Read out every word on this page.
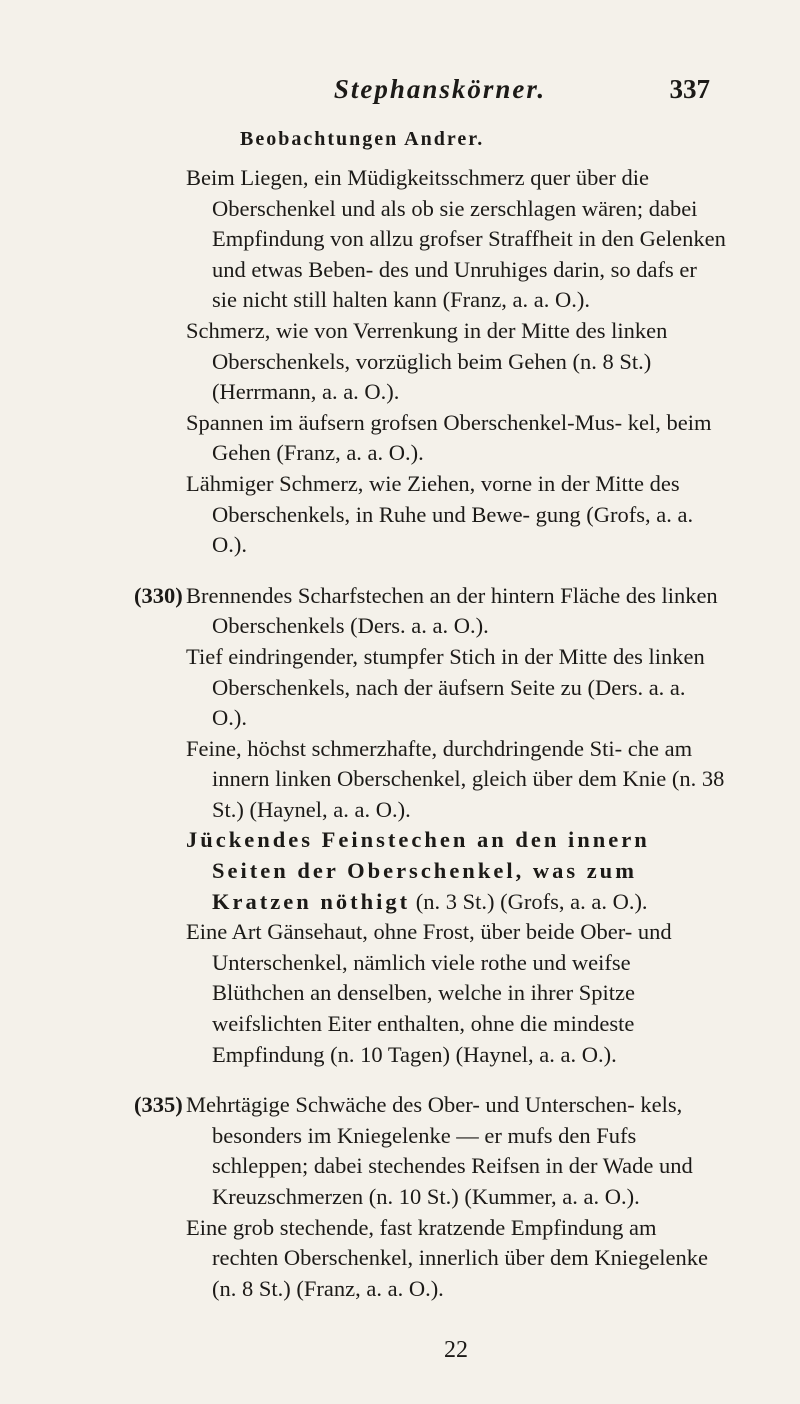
Stephanskörner.	337
Beobachtungen Andrer.

Beim Liegen, ein Müdigkeitsschmerz quer über die Oberschenkel und als ob sie zerschlagen wären; dabei Empfindung von allzu grofser Straffheit in den Gelenken und etwas Beben- des und Unruhiges darin, so dafs er sie nicht still halten kann (Franz, a. a. O.).

Schmerz, wie von Verrenkung in der Mitte des linken Oberschenkels, vorzüglich beim Gehen (n. 8 St.) (Herrmann, a. a. O.).

Spannen im äufsern grofsen Oberschenkel-Mus- kel, beim Gehen (Franz, a. a. O.).

Lähmiger Schmerz, wie Ziehen, vorne in der Mitte des Oberschenkels, in Ruhe und Bewe- gung (Grofs, a. a. O.).

(330) Brennendes Scharfstechen an der hintern Fläche des linken Oberschenkels (Ders. a. a. O.).

Tief eindringender, stumpfer Stich in der Mitte des linken Oberschenkels, nach der äufsern Seite zu (Ders. a. a. O.).

Feine, höchst schmerzhafte, durchdringende Sti- che am innern linken Oberschenkel, gleich über dem Knie (n. 38 St.) (Haynel, a. a. O.).

Jückendes Feinstechen an den innern Seiten der Oberschenkel, was zum Kratzen nöthigt (n. 3 St.) (Grofs, a. a. O.).

Eine Art Gänsehaut, ohne Frost, über beide Ober- und Unterschenkel, nämlich viele rothe und weifse Blüthchen an denselben, welche in ihrer Spitze weifslichten Eiter enthalten, ohne die mindeste Empfindung (n. 10 Tagen) (Haynel, a. a. O.).

(335) Mehrtägige Schwäche des Ober- und Unterschen- kels, besonders im Kniegelenke — er mufs den Fufs schleppen; dabei stechendes Reifsen in der Wade und Kreuzschmerzen (n. 10 St.) (Kummer, a. a. O.).

Eine grob stechende, fast kratzende Empfindung am rechten Oberschenkel, innerlich über dem Kniegelenke (n. 8 St.) (Franz, a. a. O.).

22
